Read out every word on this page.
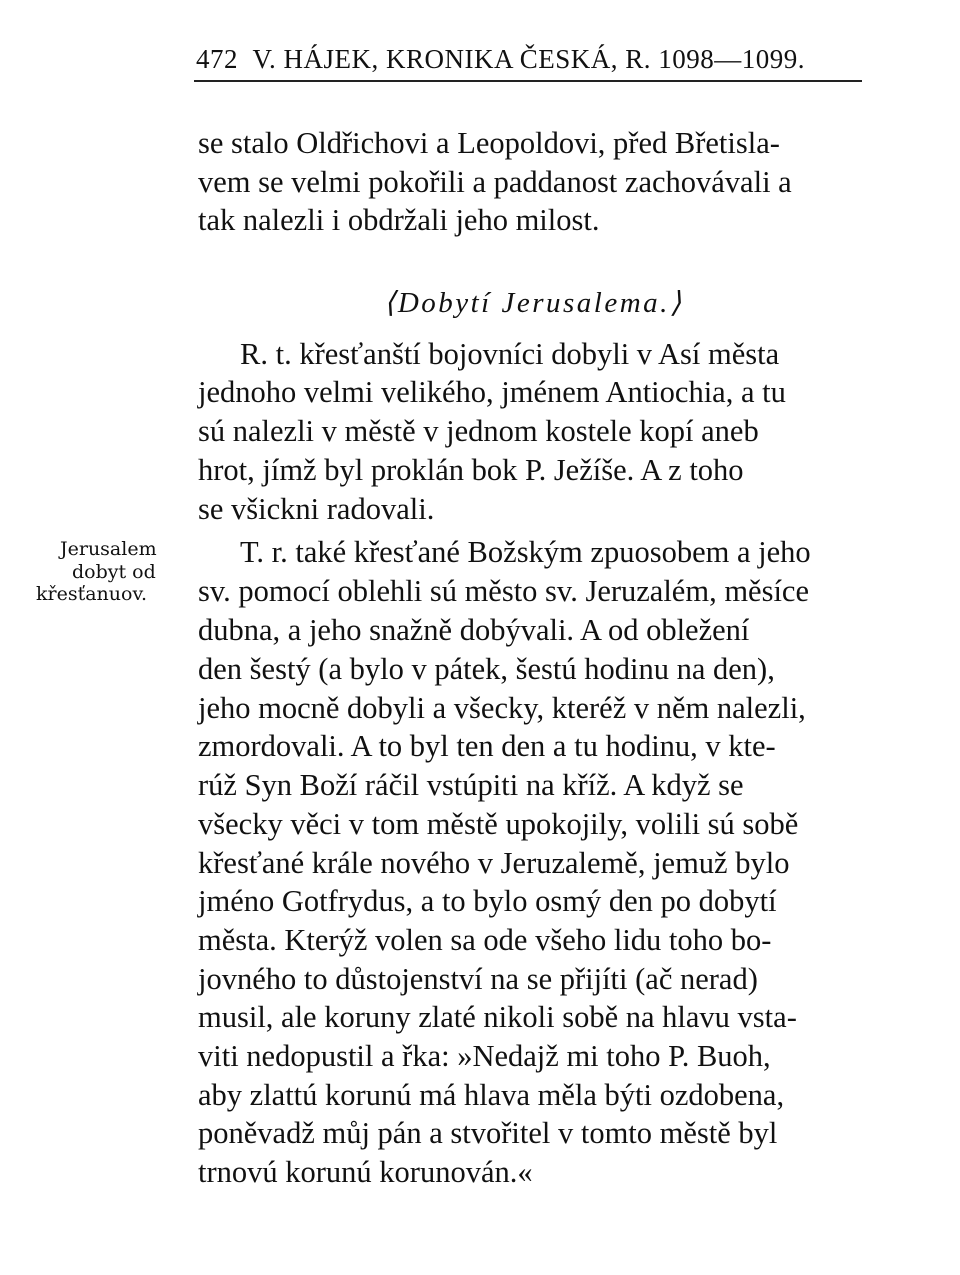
472 V. HÁJEK, KRONIKA ČESKÁ, R. 1098—1099.
se stalo Oldřichovi a Leopoldovi, před Břetisla-
vem se velmi pokořili a paddanost zachovávali a
tak nalezli i obdržali jeho milost.
⟨Dobytí Jerusalema.⟩
R. t. křesťanští bojovníci dobyli v Así města
jednoho velmi velikého, jménem Antiochia, a tu
sú nalezli v městě v jednom kostele kopí aneb
hrot, jímž byl proklán bok P. Ježíše. A z toho
se všickni radovali.
Jerusalem
dobyt od
křesťanuov.
T. r. také křesťané Božským zpuosobem a jeho
sv. pomocí oblehli sú město sv. Jeruzalém, měsíce
dubna, a jeho snažně dobývali. A od obležení
den šestý (a bylo v pátek, šestú hodinu na den),
jeho mocně dobyli a všecky, kteréž v něm nalezli,
zmordovali. A to byl ten den a tu hodinu, v kte-
rúž Syn Boží ráčil vstúpiti na kříž. A když se
všecky věci v tom městě upokojily, volili sú sobě
křesťané krále nového v Jeruzalemě, jemuž bylo
jméno Gotfrydus, a to bylo osmý den po dobytí
města. Kterýž volen sa ode všeho lidu toho bo-
jovného to důstojenství na se přijíti (ač nerad)
musil, ale koruny zlaté nikoli sobě na hlavu vsta-
viti nedopustil a řka: »Nedajž mi toho P. Buoh,
aby zlattú korunú má hlava měla býti ozdobena,
poněvadž můj pán a stvořitel v tomto městě byl
trnovú korunú korunován.«
